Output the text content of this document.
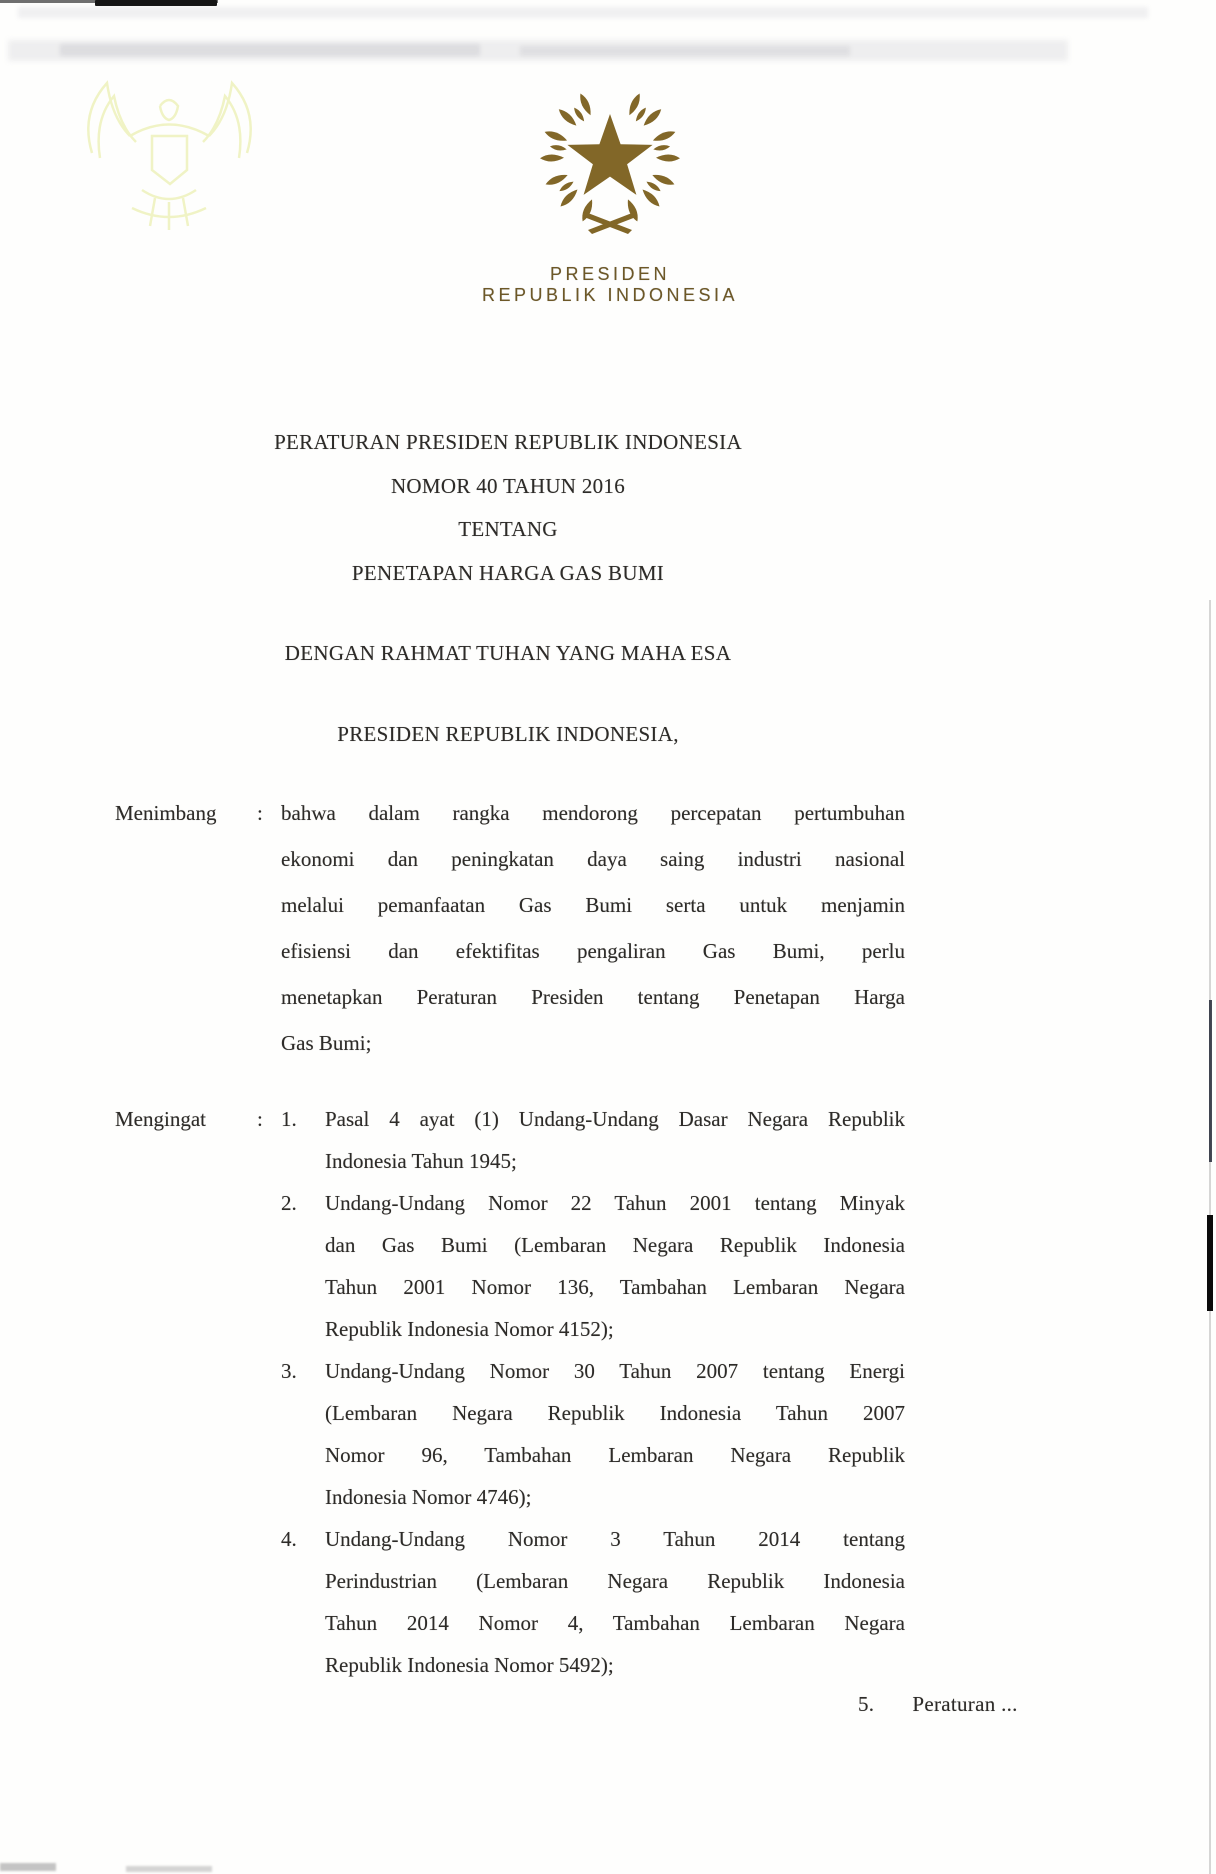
PRESIDEN
REPUBLIK INDONESIA
PERATURAN PRESIDEN REPUBLIK INDONESIA
NOMOR 40 TAHUN 2016
TENTANG
PENETAPAN HARGA GAS BUMI
DENGAN RAHMAT TUHAN YANG MAHA ESA
PRESIDEN REPUBLIK INDONESIA,
Menimbang	: bahwa dalam rangka mendorong percepatan pertumbuhan
ekonomi dan peningkatan daya saing industri nasional
melalui pemanfaatan Gas Bumi serta untuk menjamin
efisiensi dan efektifitas pengaliran Gas Bumi, perlu
menetapkan Peraturan Presiden tentang Penetapan Harga
Gas Bumi;
Mengingat	: 1.	Pasal 4 ayat (1) Undang-Undang Dasar Negara Republik
Indonesia Tahun 1945;
2.	Undang-Undang Nomor 22 Tahun 2001 tentang Minyak
dan Gas Bumi (Lembaran Negara Republik Indonesia
Tahun 2001 Nomor 136, Tambahan Lembaran Negara
Republik Indonesia Nomor 4152);
3.	Undang-Undang Nomor 30 Tahun 2007 tentang Energi
(Lembaran Negara Republik Indonesia Tahun 2007
Nomor 96, Tambahan Lembaran Negara Republik
Indonesia Nomor 4746);
4.	Undang-Undang Nomor 3 Tahun 2014 tentang
Perindustrian (Lembaran Negara Republik Indonesia
Tahun 2014 Nomor 4, Tambahan Lembaran Negara
Republik Indonesia Nomor 5492);
5. Peraturan ...
